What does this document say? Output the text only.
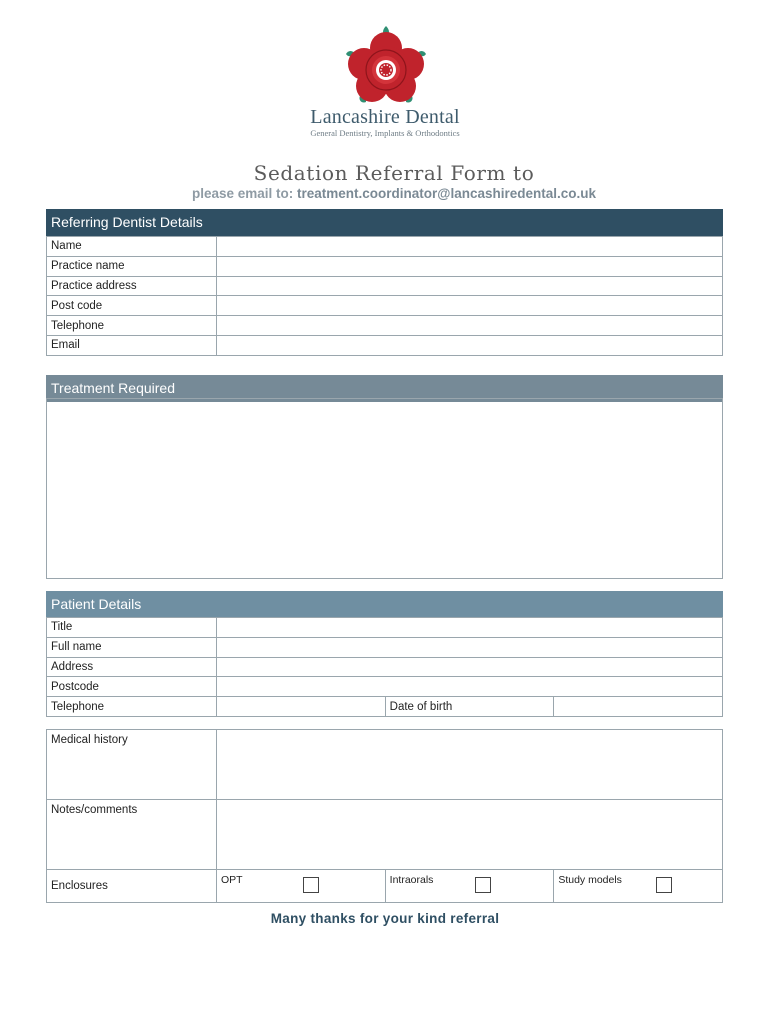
Lancashire Dental
General Dentistry, Implants & Orthodontics
Sedation Referral Form to
please email to: treatment.coordinator@lancashiredental.co.uk
Referring Dentist Details
Name	
Practice name	
Practice address	
Post code	
Telephone	
Email	
Treatment Required
Patient Details
Title			
Full name			
Address			
Postcode			
Telephone		Date of birth	
Medical history			
Notes/comments			
Enclosures	OPT	Intraorals	Study models
Many thanks for your kind referral
